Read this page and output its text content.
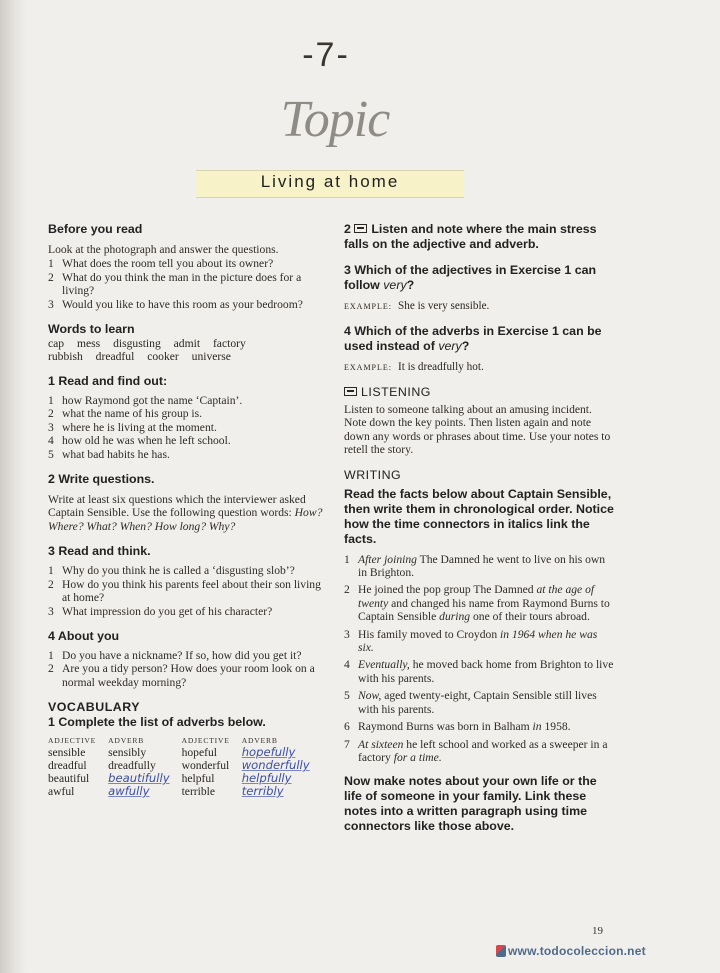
-7-
Topic
Living at home

Before you read

Look at the photograph and answer the questions.

1 What does the room tell you about its owner?
2 What do you think the man in the picture does for a living?
3 Would you like to have this room as your bedroom?

Words to learn

cap mess disgusting admit factory

rubbish dreadful cooker universe

1 Read and find out:

1 how Raymond got the name ‘Captain’.
2 what the name of his group is.
3 where he is living at the moment.
4 how old he was when he left school.
5 what bad habits he has.

2 Write questions.

Write at least six questions which the interviewer asked Captain Sensible. Use the following question words: How? Where? What? When? How long? Why?

3 Read and think.

1 Why do you think he is called a ‘disgusting slob’?
2 How do you think his parents feel about their son living at home?
3 What impression do you get of his character?

4 About you

1 Do you have a nickname? If so, how did you get it?
2 Are you a tidy person? How does your room look on a normal weekday morning?

VOCABULARY

1 Complete the list of adverbs below.

ADJECTIVE	ADVERB	ADJECTIVE	ADVERB
sensible	sensibly	hopeful	hopefully
dreadful	dreadfully	wonderful	wonderfully
beautiful	beautifully	helpful	helpfully
awful	awfully	terrible	terribly

2 Listen and note where the main stress falls on the adjective and adverb.

3 Which of the adjectives in Exercise 1 can follow very?

EXAMPLE: She is very sensible.

4 Which of the adverbs in Exercise 1 can be used instead of very?

EXAMPLE: It is dreadfully hot.

LISTENING

Listen to someone talking about an amusing incident. Note down the key points. Then listen again and note down any words or phrases about time. Use your notes to retell the story.

WRITING

Read the facts below about Captain Sensible, then write them in chronological order. Notice how the time connectors in italics link the facts.

1 After joining The Damned he went to live on his own in Brighton.
2 He joined the pop group The Damned at the age of twenty and changed his name from Raymond Burns to Captain Sensible during one of their tours abroad.
3 His family moved to Croydon in 1964 when he was six.
4 Eventually, he moved back home from Brighton to live with his parents.
5 Now, aged twenty-eight, Captain Sensible still lives with his parents.
6 Raymond Burns was born in Balham in 1958.
7 At sixteen he left school and worked as a sweeper in a factory for a time.

Now make notes about your own life or the life of someone in your family. Link these notes into a written paragraph using time connectors like those above.

19
www.todocoleccion.net
